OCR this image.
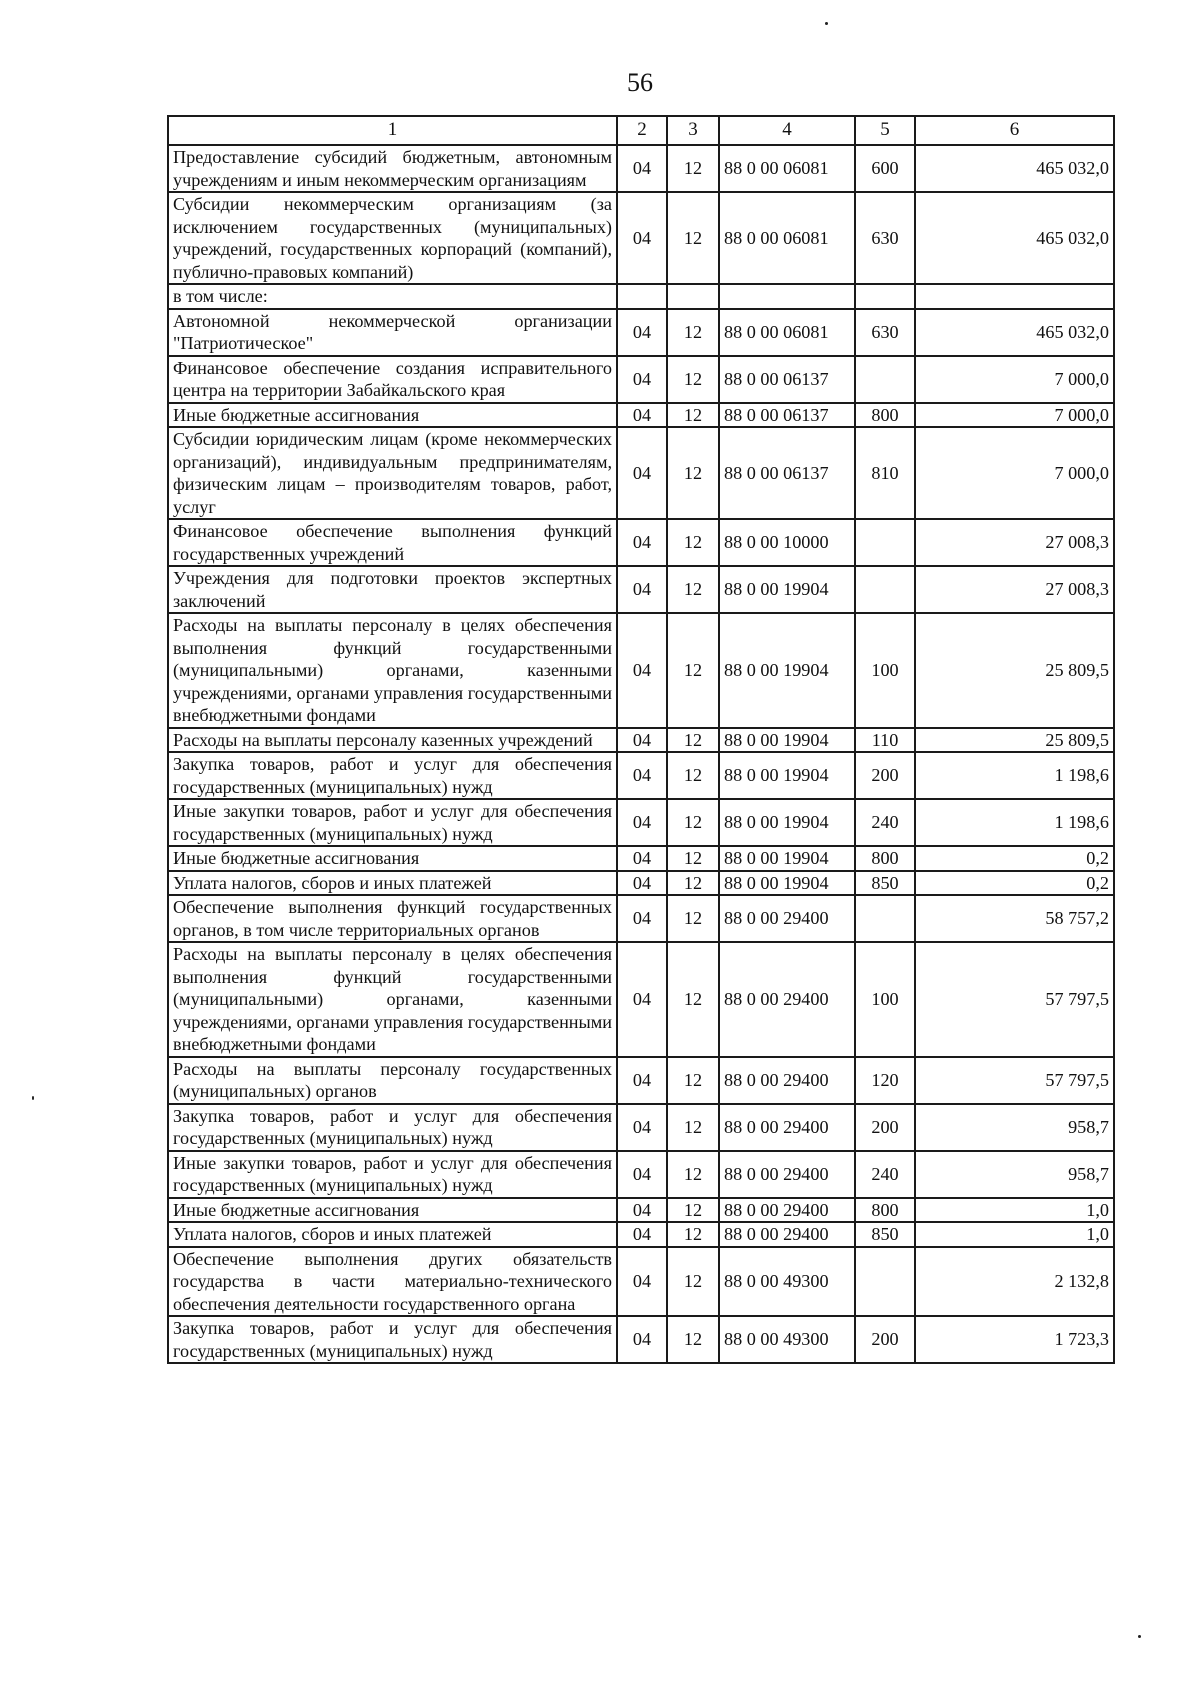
56
1	2	3	4	5	6
Предоставление субсидий бюджетным, автономным учреждениям и иным некоммерческим организациям	04	12	88 0 00 06081	600	465 032,0
Субсидии некоммерческим организациям (за исключением государственных (муниципальных) учреждений, государственных корпораций (компаний), публично-правовых компаний)	04	12	88 0 00 06081	630	465 032,0
в том числе:					
Автономной некоммерческой организации "Патриотическое"	04	12	88 0 00 06081	630	465 032,0
Финансовое обеспечение создания исправительного центра на территории Забайкальского края	04	12	88 0 00 06137		7 000,0
Иные бюджетные ассигнования	04	12	88 0 00 06137	800	7 000,0
Субсидии юридическим лицам (кроме некоммерческих организаций), индивидуальным предпринимателям, физическим лицам – производителям товаров, работ, услуг	04	12	88 0 00 06137	810	7 000,0
Финансовое обеспечение выполнения функций государственных учреждений	04	12	88 0 00 10000		27 008,3
Учреждения для подготовки проектов экспертных заключений	04	12	88 0 00 19904		27 008,3
Расходы на выплаты персоналу в целях обеспечения выполнения функций государственными (муниципальными) органами, казенными учреждениями, органами управления государственными внебюджетными фондами	04	12	88 0 00 19904	100	25 809,5
Расходы на выплаты персоналу казенных учреждений	04	12	88 0 00 19904	110	25 809,5
Закупка товаров, работ и услуг для обеспечения государственных (муниципальных) нужд	04	12	88 0 00 19904	200	1 198,6
Иные закупки товаров, работ и услуг для обеспечения государственных (муниципальных) нужд	04	12	88 0 00 19904	240	1 198,6
Иные бюджетные ассигнования	04	12	88 0 00 19904	800	0,2
Уплата налогов, сборов и иных платежей	04	12	88 0 00 19904	850	0,2
Обеспечение выполнения функций государственных органов, в том числе территориальных органов	04	12	88 0 00 29400		58 757,2
Расходы на выплаты персоналу в целях обеспечения выполнения функций государственными (муниципальными) органами, казенными учреждениями, органами управления государственными внебюджетными фондами	04	12	88 0 00 29400	100	57 797,5
Расходы на выплаты персоналу государственных (муниципальных) органов	04	12	88 0 00 29400	120	57 797,5
Закупка товаров, работ и услуг для обеспечения государственных (муниципальных) нужд	04	12	88 0 00 29400	200	958,7
Иные закупки товаров, работ и услуг для обеспечения государственных (муниципальных) нужд	04	12	88 0 00 29400	240	958,7
Иные бюджетные ассигнования	04	12	88 0 00 29400	800	1,0
Уплата налогов, сборов и иных платежей	04	12	88 0 00 29400	850	1,0
Обеспечение выполнения других обязательств государства в части материально-технического обеспечения деятельности государственного органа	04	12	88 0 00 49300		2 132,8
Закупка товаров, работ и услуг для обеспечения государственных (муниципальных) нужд	04	12	88 0 00 49300	200	1 723,3
